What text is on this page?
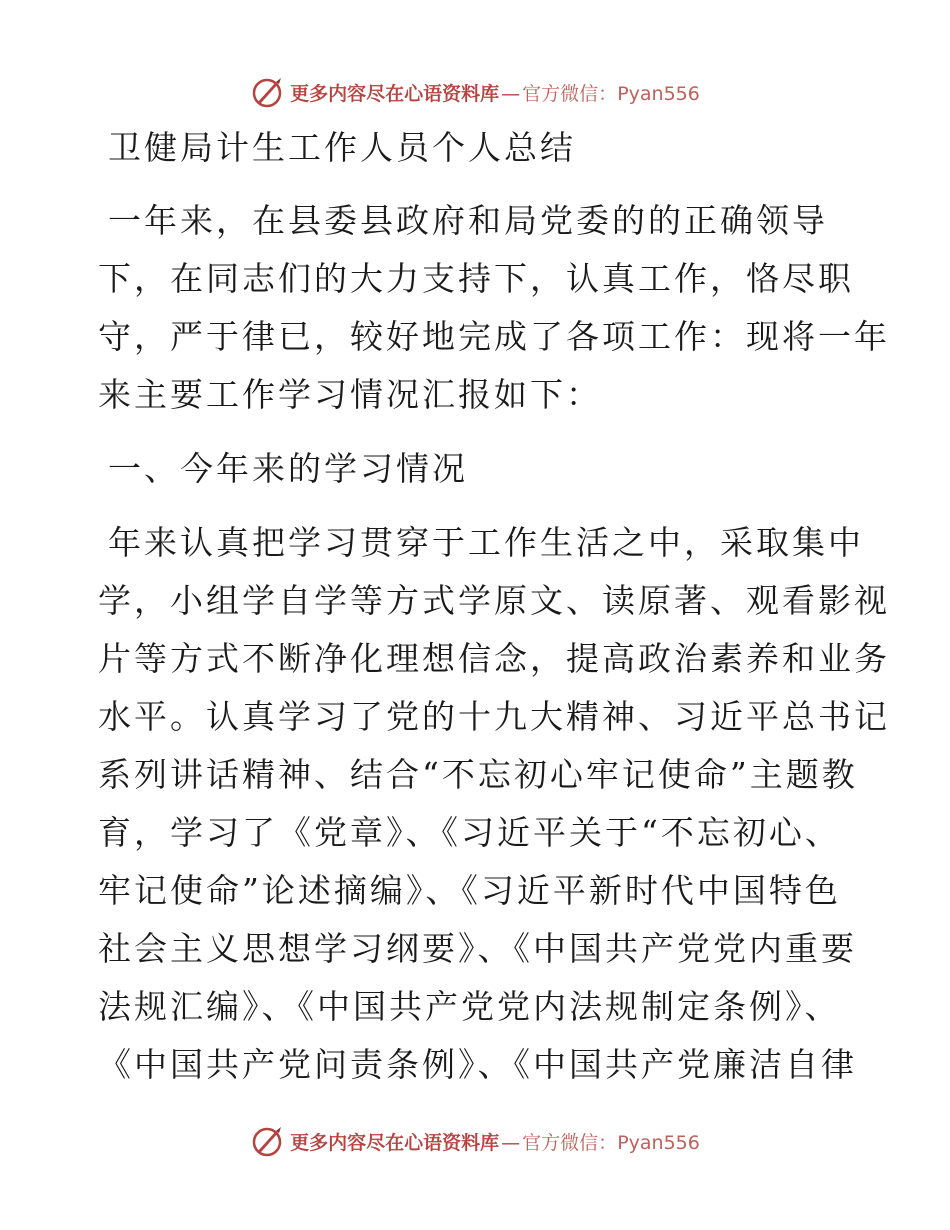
更多内容尽在心语资料库 — 官方微信：Pyan556
卫健局计生工作人员个人总结
一年来，在县委县政府和局党委的的正确领导
下，在同志们的大力支持下，认真工作，恪尽职
守，严于律已，较好地完成了各项工作：现将一年
来主要工作学习情况汇报如下：
一、今年来的学习情况
年来认真把学习贯穿于工作生活之中，采取集中
学，小组学自学等方式学原文、读原著、观看影视
片等方式不断净化理想信念，提高政治素养和业务
水平。认真学习了党的十九大精神、习近平总书记
系列讲话精神、结合“不忘初心牢记使命”主题教
育，学习了《党章》、《习近平关于“不忘初心、
牢记使命”论述摘编》、《习近平新时代中国特色
社会主义思想学习纲要》、《中国共产党党内重要
法规汇编》、《中国共产党党内法规制定条例》、
《中国共产党问责条例》、《中国共产党廉洁自律
更多内容尽在心语资料库 — 官方微信：Pyan556
